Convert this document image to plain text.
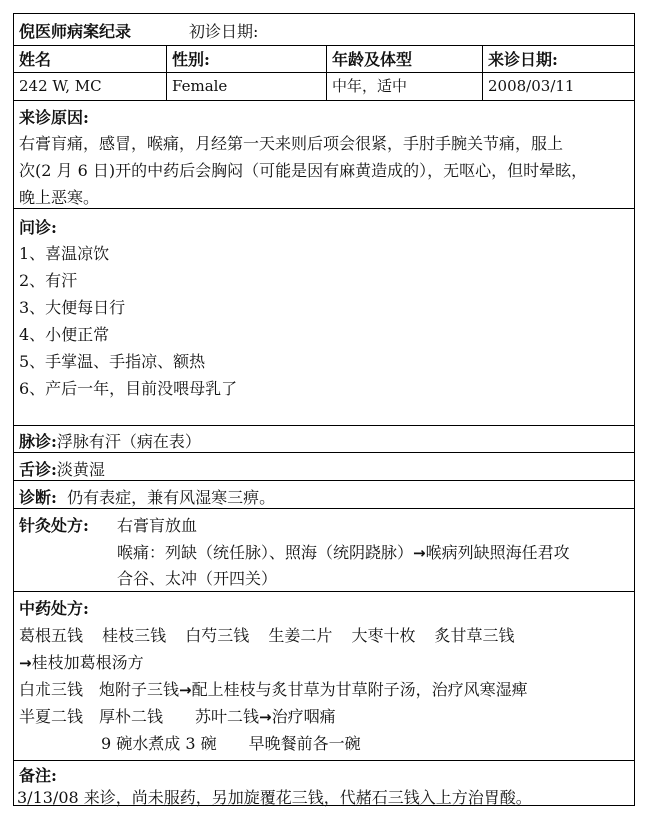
倪医师病案纪录	初诊日期:
姓名	性别:	年龄及体型	来诊日期:
242 W, MC	Female	中年，适中	2008/03/11
来诊原因:
右膏肓痛，感冒，喉痛，月经第一天来则后项会很紧，手肘手腕关节痛，服上
次(2 月 6 日)开的中药后会胸闷（可能是因有麻黄造成的），无呕心，但时晕眩，
晚上恶寒。
问诊:
1、喜温凉饮
2、有汗
3、大便每日行
4、小便正常
5、手掌温、手指凉、额热
6、产后一年，目前没喂母乳了
脉诊:浮脉有汗（病在表）
舌诊:淡黄湿
诊断: 仍有表症，兼有风湿寒三痹。
针灸处方: 右膏肓放血
喉痛：列缺（统任脉）、照海（统阴跷脉）→喉病列缺照海任君攻
合谷、太冲（开四关）
中药处方:
葛根五钱 桂枝三钱 白芍三钱 生姜二片 大枣十枚 炙甘草三钱
→桂枝加葛根汤方
白朮三钱　炮附子三钱→配上桂枝与炙甘草为甘草附子汤，治疗风寒湿痺
半夏二钱　厚朴二钱　　苏叶二钱→治疗咽痛
9 碗水煮成 3 碗　　早晚餐前各一碗
备注:
3/13/08 来诊，尚未服药，另加旋覆花三钱，代赭石三钱入上方治胃酸。
